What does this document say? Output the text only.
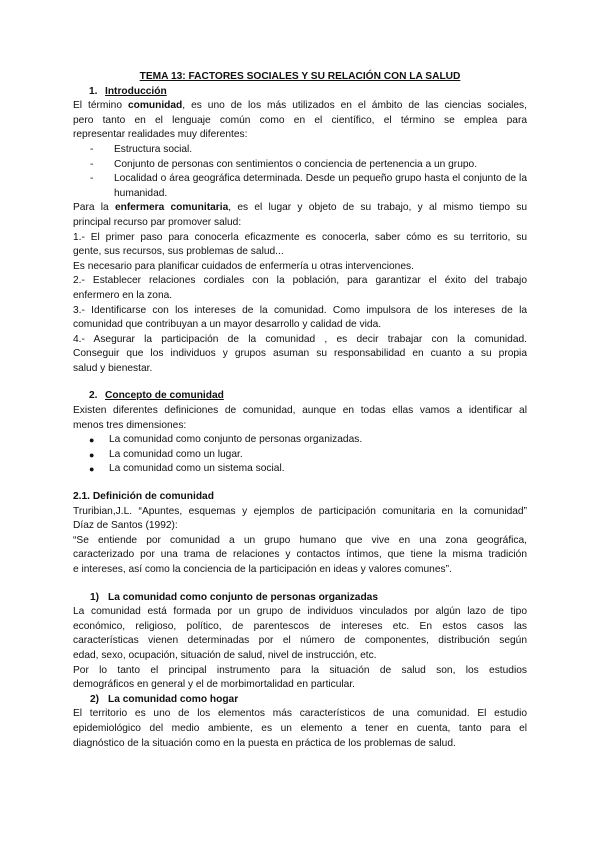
TEMA 13: FACTORES SOCIALES Y SU RELACIÓN CON LA SALUD

1. Introducción

El término comunidad, es uno de los más utilizados en el ámbito de las ciencias sociales,

pero tanto en el lenguaje común como en el científico, el término se emplea para

representar realidades muy diferentes:

-	Estructura social.
-	Conjunto de personas con sentimientos o conciencia de pertenencia a un grupo.
-	Localidad o área geográfica determinada. Desde un pequeño grupo hasta el conjunto de la humanidad.

Para la enfermera comunitaria, es el lugar y objeto de su trabajo, y al mismo tiempo su

principal recurso par promover salud:

1.- El primer paso para conocerla eficazmente es conocerla, saber cómo es su territorio, su

gente, sus recursos, sus problemas de salud...

Es necesario para planificar cuidados de enfermería u otras intervenciones.

2.- Establecer relaciones cordiales con la población, para garantizar el éxito del trabajo

enfermero en la zona.

3.- Identificarse con los intereses de la comunidad. Como impulsora de los intereses de la

comunidad que contribuyan a un mayor desarrollo y calidad de vida.

4.- Asegurar la participación de la comunidad , es decir trabajar con la comunidad.

Conseguir que los individuos y grupos asuman su responsabilidad en cuanto a su propia

salud y bienestar.

2. Concepto de comunidad

Existen diferentes definiciones de comunidad, aunque en todas ellas vamos a identificar al

menos tres dimensiones:

●	La comunidad como conjunto de personas organizadas.
●	La comunidad como un lugar.
●	La comunidad como un sistema social.

2.1. Definición de comunidad

Truribian,J.L. “Apuntes, esquemas y ejemplos de participación comunitaria en la comunidad”

Díaz de Santos (1992):

“Se entiende por comunidad a un grupo humano que vive en una zona geográfica,

caracterizado por una trama de relaciones y contactos íntimos, que tiene la misma tradición

e intereses, así como la conciencia de la participación en ideas y valores comunes”.

1) La comunidad como conjunto de personas organizadas

La comunidad está formada por un grupo de individuos vinculados por algún lazo de tipo

económico, religioso, político, de parentescos de intereses etc. En estos casos las

características vienen determinadas por el número de componentes, distribución según

edad, sexo, ocupación, situación de salud, nivel de instrucción, etc.

Por lo tanto el principal instrumento para la situación de salud son, los estudios

demográficos en general y el de morbimortalidad en particular.

2) La comunidad como hogar

El territorio es uno de los elementos más característicos de una comunidad. El estudio

epidemiológico del medio ambiente, es un elemento a tener en cuenta, tanto para el

diagnóstico de la situación como en la puesta en práctica de los problemas de salud.
